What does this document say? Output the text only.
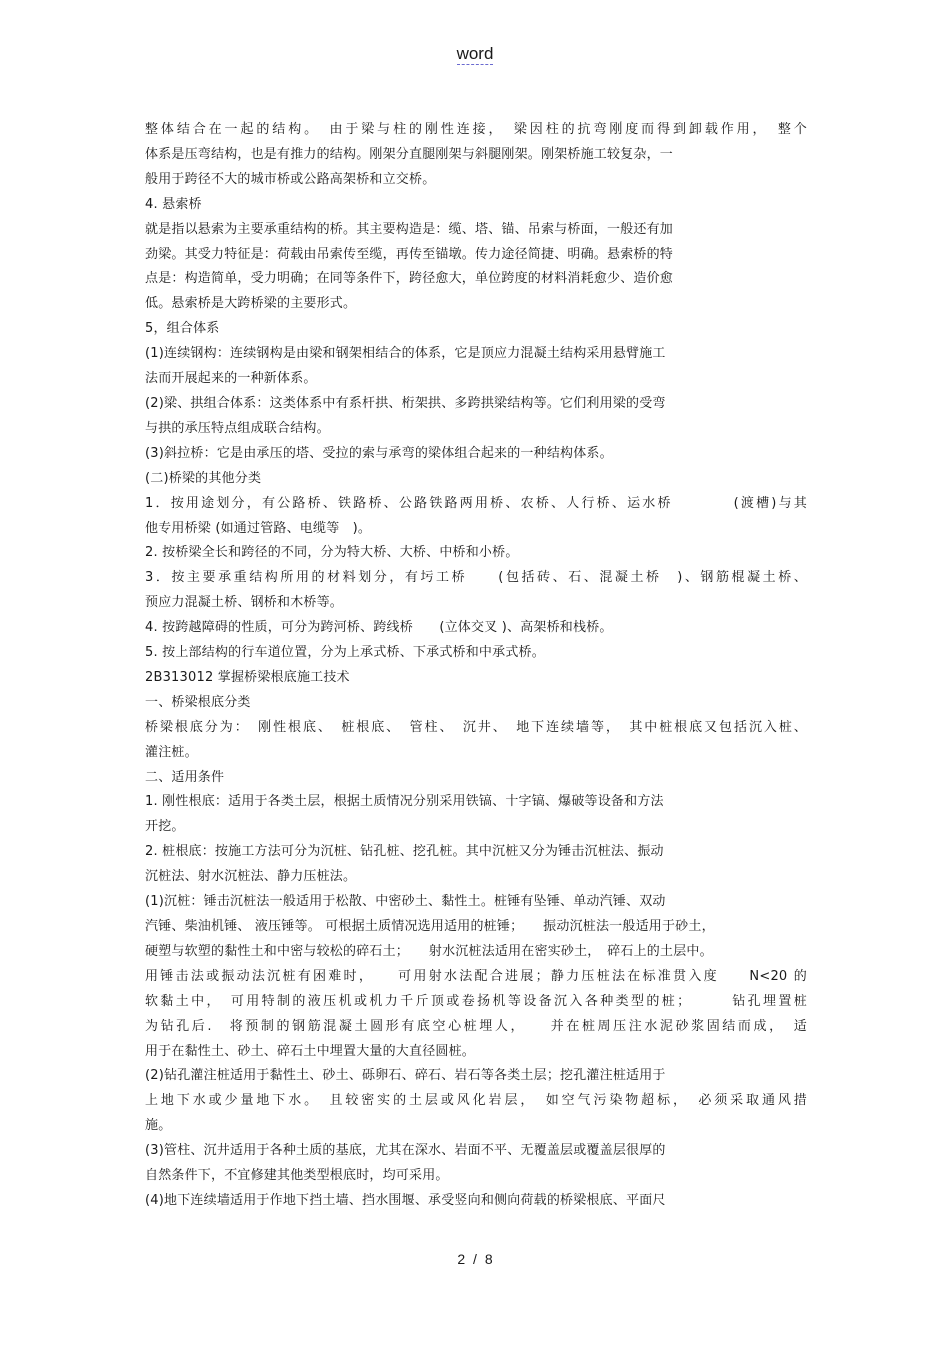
word

整体结合在一起的结构。　由于梁与柱的刚性连接，　梁因柱的抗弯刚度而得到卸载作用，　整个

体系是压弯结构，也是有推力的结构。刚架分直腿刚架与斜腿刚架。刚架桥施工较复杂，一

般用于跨径不大的城市桥或公路高架桥和立交桥。

4. 悬索桥

就是指以悬索为主要承重结构的桥。其主要构造是：缆、塔、锚、吊索与桥面，一般还有加

劲梁。其受力特征是：荷载由吊索传至缆，再传至锚墩。传力途径简捷、明确。悬索桥的特

点是：构造简单，受力明确；在同等条件下，跨径愈大，单位跨度的材料消耗愈少、造价愈

低。悬索桥是大跨桥梁的主要形式。

5，组合体系

(1)连续钢构：连续钢构是由梁和钢架相结合的体系，它是顶应力混凝土结构采用悬臂施工

法而开展起来的一种新体系。

(2)梁、拱组合体系：这类体系中有系杆拱、桁架拱、多跨拱梁结构等。它们利用梁的受弯

与拱的承压特点组成联合结构。

(3)斜拉桥：它是由承压的塔、受拉的索与承弯的梁体组合起来的一种结构体系。

(二)桥梁的其他分类

1．按用途划分，有公路桥、铁路桥、公路铁路两用桥、农桥、人行桥、运水桥　　　　(渡槽)与其

他专用桥梁 (如通过管路、电缆等　)。

2. 按桥梁全长和跨径的不同，分为特大桥、大桥、中桥和小桥。

3．按主要承重结构所用的材料划分，有圬工桥　　(包括砖、石、混凝土桥　)、钢筋棍凝土桥、

预应力混凝土桥、钢桥和木桥等。

4. 按跨越障碍的性质，可分为跨河桥、跨线桥　　(立体交叉 )、高架桥和栈桥。

5. 按上部结构的行车道位置，分为上承式桥、下承式桥和中承式桥。

2B313012 掌握桥梁根底施工技术

一、桥梁根底分类

桥梁根底分为：　刚性根底、　桩根底、　管柱、　沉井、　地下连续墙等，　其中桩根底又包括沉入桩、

灌注桩。

二、适用条件

1. 刚性根底：适用于各类土层，根据土质情况分别采用铁镐、十字镐、爆破等设备和方法

开挖。

2. 桩根底：按施工方法可分为沉桩、钻孔桩、挖孔桩。其中沉桩又分为锤击沉桩法、振动

沉桩法、射水沉桩法、静力压桩法。

(1)沉桩：锤击沉桩法一般适用于松散、中密砂土、黏性土。桩锤有坠锤、单动汽锤、双动

汽锤、柴油机锤、 液压锤等。 可根据土质情况选用适用的桩锤；　　振动沉桩法一般适用于砂土，

硬塑与软塑的黏性土和中密与较松的碎石土；　　射水沉桩法适用在密实砂土，　碎石上的土层中。

用锤击法或振动法沉桩有困难时，　　可用射水法配合进展；静力压桩法在标准贯入度　　N<20 的

软黏土中，　可用特制的液压机或机力千斤顶或卷扬机等设备沉入各种类型的桩；　　　钻孔埋置桩

为钻孔后.　将预制的钢筋混凝土圆形有底空心桩埋人，　　并在桩周压注水泥砂浆固结而成，　适

用于在黏性土、砂土、碎石土中埋置大量的大直径圆桩。

(2)钻孔灌注桩适用于黏性土、砂土、砾卵石、碎石、岩石等各类土层；挖孔灌注桩适用于

上地下水或少量地下水。　且较密实的土层或风化岩层，　如空气污染物超标，　必须采取通风措

施。

(3)管柱、沉井适用于各种土质的基底，尤其在深水、岩面不平、无覆盖层或覆盖层很厚的

自然条件下，不宜修建其他类型根底时，均可采用。

(4)地下连续墙适用于作地下挡土墙、挡水围堰、承受竖向和侧向荷载的桥梁根底、平面尺

2 / 8
